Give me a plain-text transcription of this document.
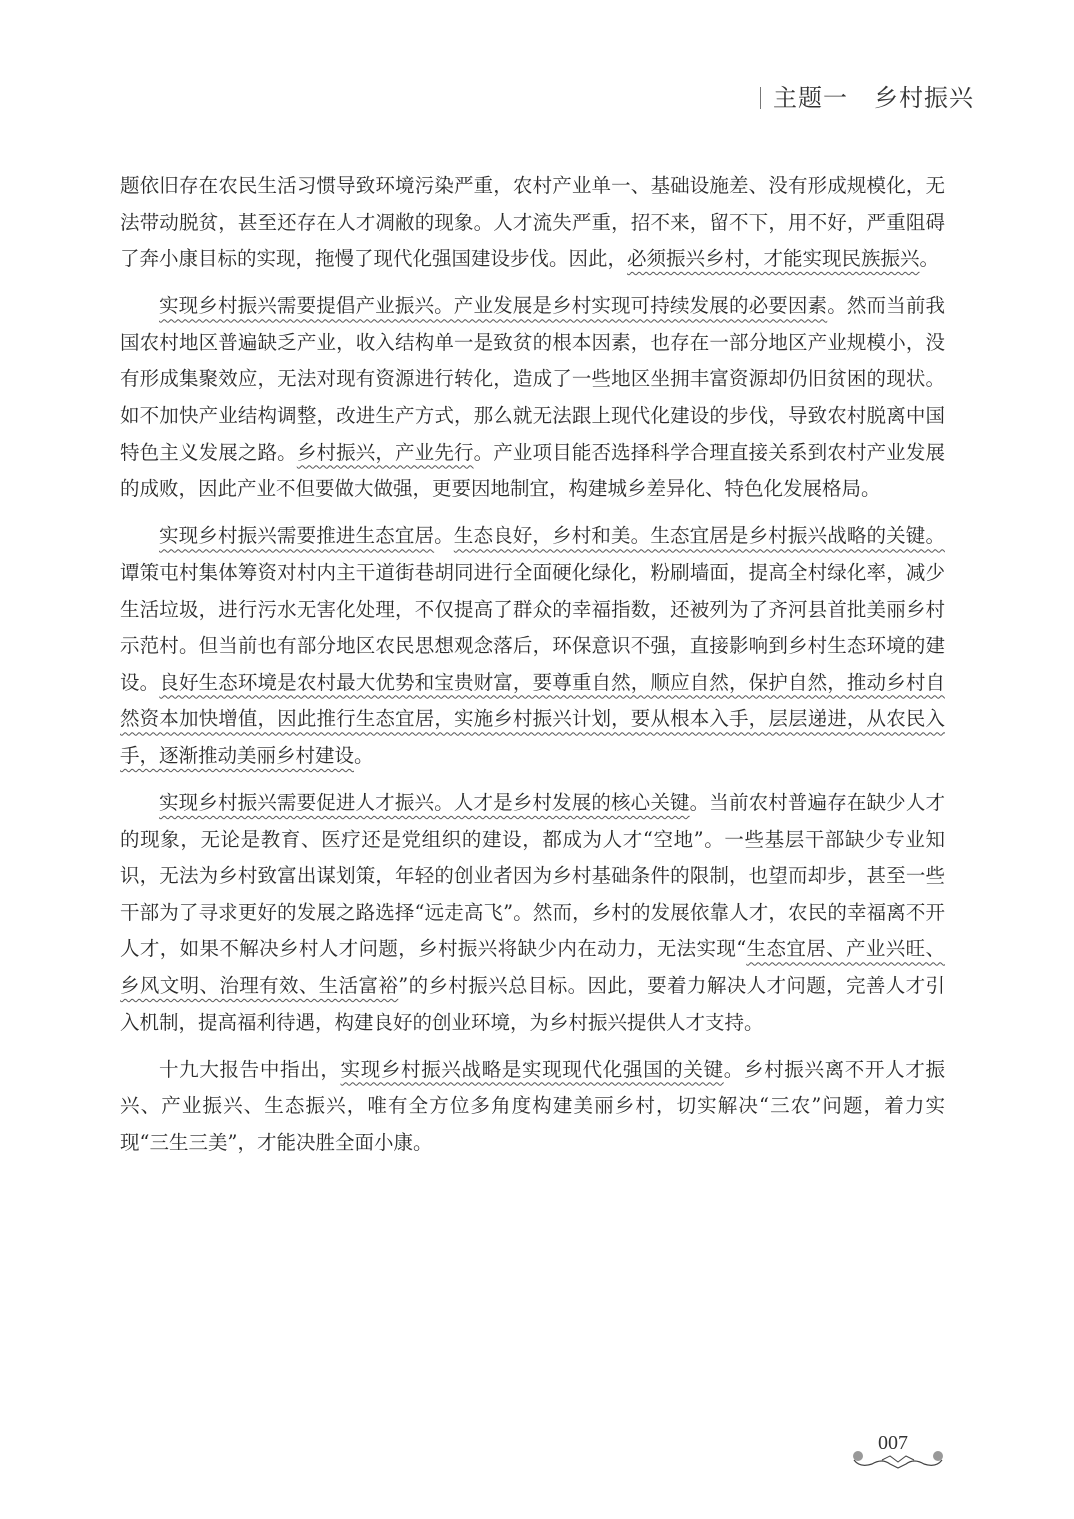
主题一 乡村振兴

题依旧存在农民生活习惯导致环境污染严重，农村产业单一、基础设施差、没有形成规模化，无法带动脱贫，甚至还存在人才凋敝的现象。人才流失严重，招不来，留不下，用不好，严重阻碍了奔小康目标的实现，拖慢了现代化强国建设步伐。因此，必须振兴乡村，才能实现民族振兴。

实现乡村振兴需要提倡产业振兴。产业发展是乡村实现可持续发展的必要因素。然而当前我国农村地区普遍缺乏产业，收入结构单一是致贫的根本因素，也存在一部分地区产业规模小，没有形成集聚效应，无法对现有资源进行转化，造成了一些地区坐拥丰富资源却仍旧贫困的现状。如不加快产业结构调整，改进生产方式，那么就无法跟上现代化建设的步伐，导致农村脱离中国特色主义发展之路。乡村振兴，产业先行。产业项目能否选择科学合理直接关系到农村产业发展的成败，因此产业不但要做大做强，更要因地制宜，构建城乡差异化、特色化发展格局。

实现乡村振兴需要推进生态宜居。生态良好，乡村和美。生态宜居是乡村振兴战略的关键。谭策屯村集体筹资对村内主干道街巷胡同进行全面硬化绿化，粉刷墙面，提高全村绿化率，减少生活垃圾，进行污水无害化处理，不仅提高了群众的幸福指数，还被列为了齐河县首批美丽乡村示范村。但当前也有部分地区农民思想观念落后，环保意识不强，直接影响到乡村生态环境的建设。良好生态环境是农村最大优势和宝贵财富，要尊重自然，顺应自然，保护自然，推动乡村自然资本加快增值，因此推行生态宜居，实施乡村振兴计划，要从根本入手，层层递进，从农民入手，逐渐推动美丽乡村建设。

实现乡村振兴需要促进人才振兴。人才是乡村发展的核心关键。当前农村普遍存在缺少人才的现象，无论是教育、医疗还是党组织的建设，都成为人才“空地”。一些基层干部缺少专业知识，无法为乡村致富出谋划策，年轻的创业者因为乡村基础条件的限制，也望而却步，甚至一些干部为了寻求更好的发展之路选择“远走高飞”。然而，乡村的发展依靠人才，农民的幸福离不开人才，如果不解决乡村人才问题，乡村振兴将缺少内在动力，无法实现“生态宜居、产业兴旺、乡风文明、治理有效、生活富裕”的乡村振兴总目标。因此，要着力解决人才问题，完善人才引入机制，提高福利待遇，构建良好的创业环境，为乡村振兴提供人才支持。

十九大报告中指出，实现乡村振兴战略是实现现代化强国的关键。乡村振兴离不开人才振兴、产业振兴、生态振兴，唯有全方位多角度构建美丽乡村，切实解决“三农”问题，着力实现“三生三美”，才能决胜全面小康。

007
